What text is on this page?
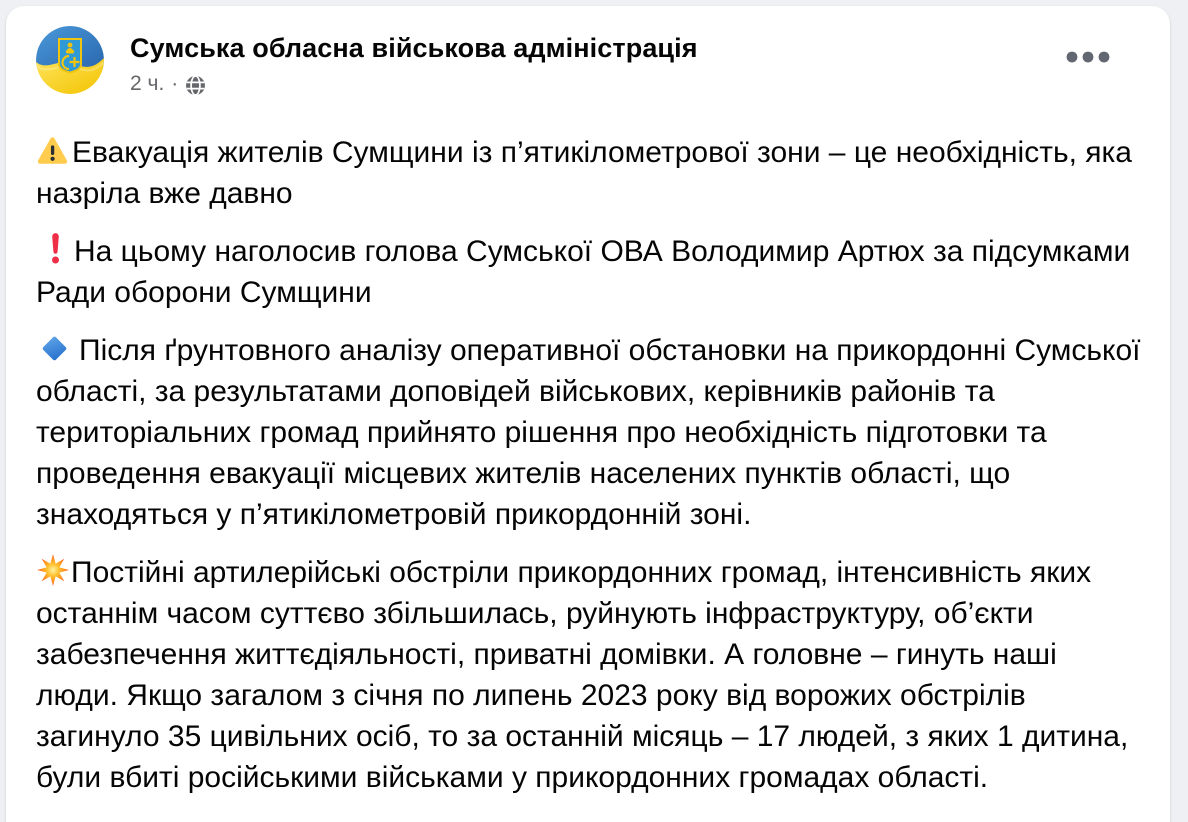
Сумська обласна військова адміністрація
2 ч. ·

Евакуація жителів Сумщини із п’ятикілометрової зони – це необхідність, яка назріла вже давно

На цьому наголосив голова Сумської ОВА Володимир Артюх за підсумками Ради оборони Сумщини

Після ґрунтовного аналізу оперативної обстановки на прикордонні Сумської області, за результатами доповідей військових, керівників районів та територіальних громад прийнято рішення про необхідність підготовки та проведення евакуації місцевих жителів населених пунктів області, що знаходяться у п’ятикілометровій прикордонній зоні.

Постійні артилерійські обстріли прикордонних громад, інтенсивність яких останнім часом суттєво збільшилась, руйнують інфраструктуру, об’єкти забезпечення життєдіяльності, приватні домівки. А головне – гинуть наші люди. Якщо загалом з січня по липень 2023 року від ворожих обстрілів загинуло 35 цивільних осіб, то за останній місяць – 17 людей, з яких 1 дитина, були вбиті російськими військами у прикордонних громадах області.
